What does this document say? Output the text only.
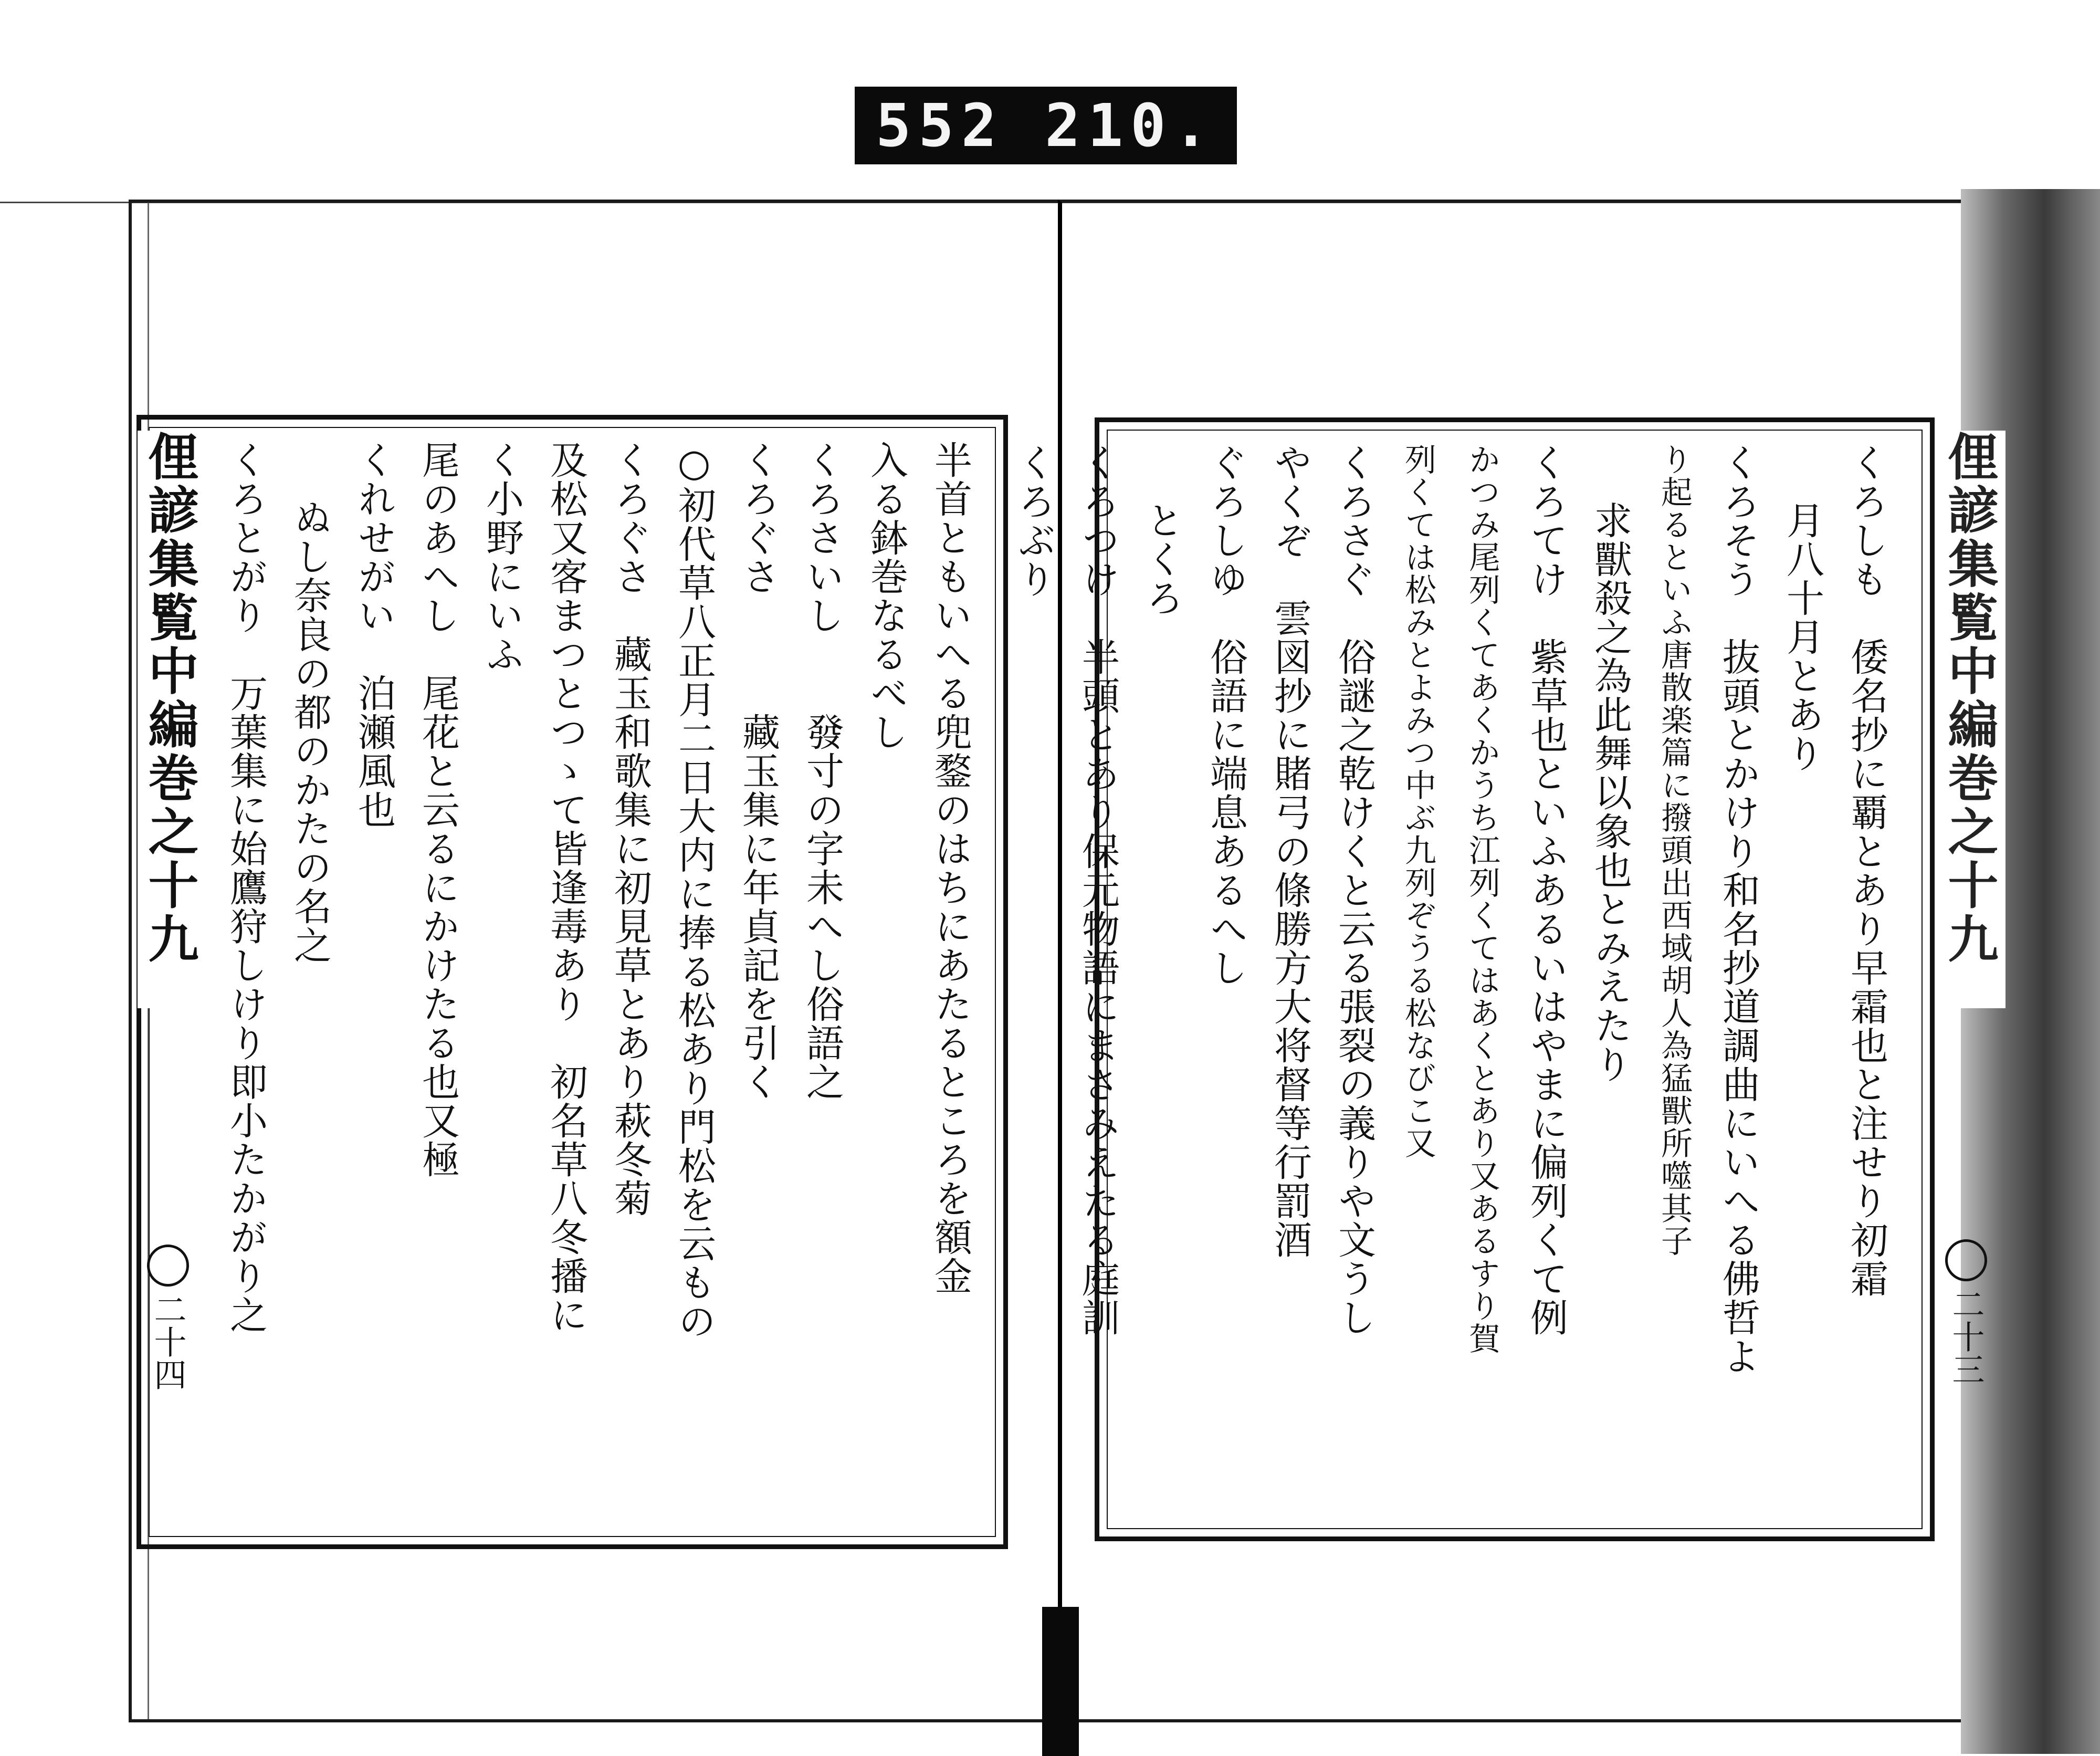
552 210.
半首ともいへる兜鍪のはちにあたるところを額金
入る鉢巻なるべし
くろさいし　　發寸の字未へし俗語之
くろぐさ　　　藏玉集に年貞記を引く
○初代草八正月二日大内に捧る松あり門松を云もの
くろぐさ　藏玉和歌集に初見草とあり萩冬菊
及松又客まつとつゝて皆逢毒あり　初名草八冬播に
く小野にいふ
尾のあへし　尾花と云るにかけたる也又極
くれせがい　泊瀬風也
ぬし奈良の都のかたの名之
くろとがり　万葉集に始鷹狩しけり即小たかがり之	くろしも　倭名抄に覇とあり早霜也と注せり初霜
月八十月とあり
くろそう　抜頭とかけり和名抄道調曲にいへる佛哲よ
り起るといふ唐散楽篇に撥頭出西域胡人為猛獸所噬其子
求獸殺之為此舞以象也とみえたり
くろてけ　紫草也といふあるいはやまに偏列くて例
かつみ尾列くてあくかうち江列くてはあくとあり又あるすり賀
列くては松みとよみつ中ぶ九列ぞうる松なびこ又
くろさぐ　俗謎之乾けくと云る張裂の義りや文うし
やくぞ　雲図抄に賭弓の條勝方大将督等行罰酒
ぐろしゆ　俗語に端息あるへし
とくろ
くろつけ　半頭とあり保元物語にまさみえたる庭訓
くろぶり
俚諺集覧中編巻之十九
二十四
俚諺集覧中編巻之十九
二十三
